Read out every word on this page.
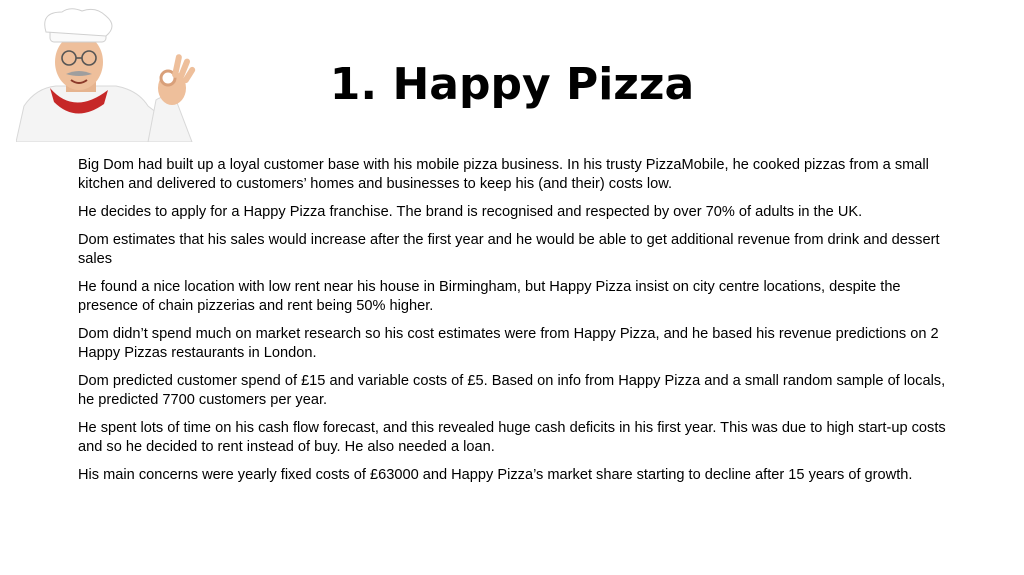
1. Happy Pizza

Big Dom had built up a loyal customer base with his mobile pizza business. In his trusty PizzaMobile, he cooked pizzas from a small kitchen and delivered to customers’ homes and businesses to keep his (and their) costs low.

He decides to apply for a Happy Pizza franchise. The brand is recognised and respected by over 70% of adults in the UK.

Dom estimates that his sales would increase after the first year and he would be able to get additional revenue from drink and dessert sales

He found a nice location with low rent near his house in Birmingham, but Happy Pizza insist on city centre locations, despite the presence of chain pizzerias and rent being 50% higher.

Dom didn’t spend much on market research so his cost estimates were from Happy Pizza, and he based his revenue predictions on 2 Happy Pizzas restaurants in London.

Dom predicted customer spend of £15 and variable costs of £5. Based on info from Happy Pizza and a small random sample of locals, he predicted 7700 customers per year.

He spent lots of time on his cash flow forecast, and this revealed huge cash deficits in his first year. This was due to high start-up costs and so he decided to rent instead of buy. He also needed a loan.

His main concerns were yearly fixed costs of £63000 and Happy Pizza’s market share starting to decline after 15 years of growth.
